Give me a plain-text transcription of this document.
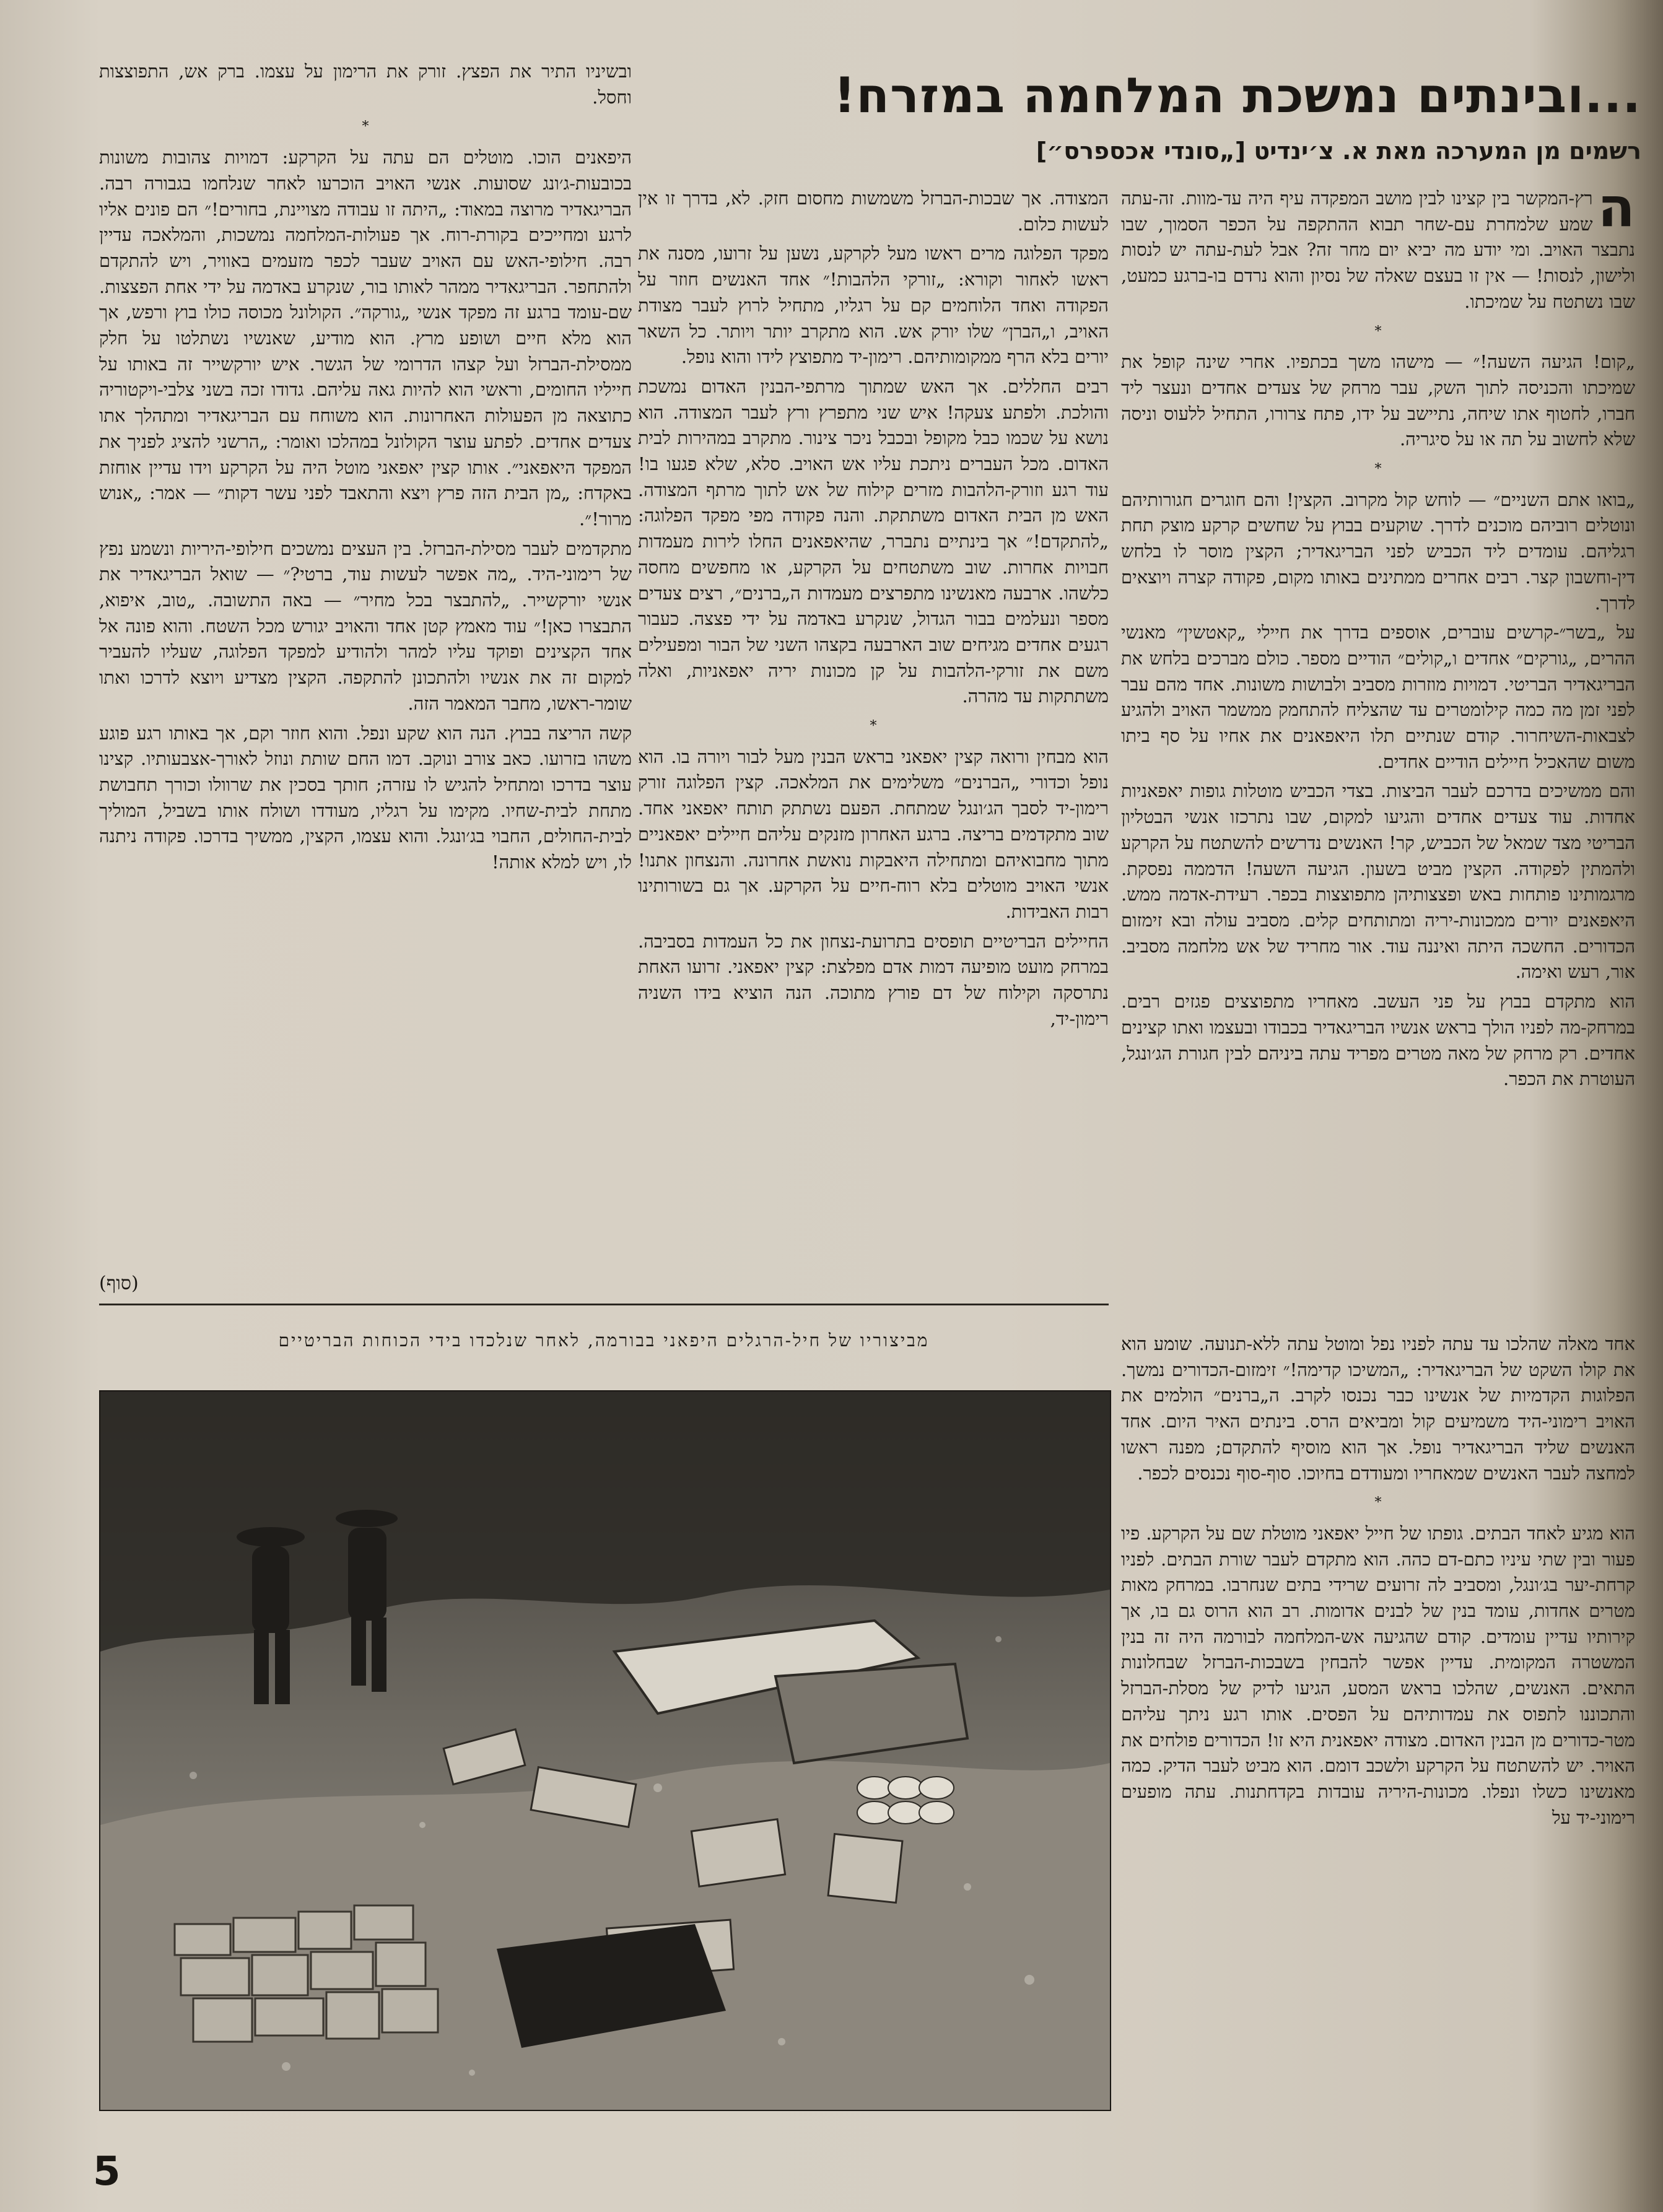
...ובינתים נמשכת המלחמה במזרח!
רשמים מן המערכה מאת א. צ׳ינדיט [„סונדי אכספרס״]
ה

רץ-המקשר בין קצינו לבין מושב המפקדה עיף היה עד-מוות. זה-עתה שמע שלמחרת עם-שחר תבוא ההתקפה על הכפר הסמוך, שבו נתבצר האויב. ומי יודע מה יביא יום מחר זה? אבל לעת-עתה יש לנסות ולישון, לנסות! — אין זו בעצם שאלה של נסיון והוא נרדם בו-ברגע כמעט, שבו נשתטח על שמיכתו.

*

„קום! הגיעה השעה!״ — מישהו משך בכתפיו. אחרי שינה קופל את שמיכתו והכניסה לתוך השק, עבר מרחק של צעדים אחדים ונעצר ליד חברו, לחטוף אתו שיחה, נתיישב על ידו, פתח צרורו, התחיל ללעוס וניסה שלא לחשוב על תה או על סיגריה.

*

„בואו אתם השניים״ — לוחש קול מקרוב. הקצין! והם חוגרים חגורותיהם ונוטלים רוביהם מוכנים לדרך. שוקעים בבוץ על שחשים קרקע מוצק תחת רגליהם. עומדים ליד הכביש לפני הבריגאדיר; הקצין מוסר לו בלחש דין-וחשבון קצר. רבים אחרים ממתינים באותו מקום, פקודה קצרה ויוצאים לדרך.

על „בשר״-קרשים עוברים, אוספים בדרך את חיילי „קאטשין״ מאנשי ההרים, „גורקים״ אחדים ו„קולים״ הודיים מספר. כולם מברכים בלחש את הבריגאדיר הבריטי. דמויות מוזרות מסביב ולבושות משונות. אחד מהם עבר לפני זמן מה כמה קילומטרים עד שהצליח להתחמק ממשמר האויב ולהגיע לצבאות-השיחרור. קודם שנתיים תלו היאפאנים את אחיו על סף ביתו משום שהאכיל חיילים הודיים אחדים.

והם ממשיכים בדרכם לעבר הביצות. בצדי הכביש מוטלות גופות יאפאניות אחדות. עוד צעדים אחדים והגיעו למקום, שבו נתרכזו אנשי הבטליון הבריטי מצד שמאל של הכביש, קר! האנשים נדרשים להשתטח על הקרקע ולהמתין לפקודה. הקצין מביט בשעון. הגיעה השעה! הדממה נפסקת. מרגמותינו פותחות באש ופצצותיהן מתפוצצות בכפר. רעידת-אדמה ממש. היאפאנים יורים ממכונות-יריה ומתותחים קלים. מסביב עולה ובא זימזום הכדורים. החשכה היתה ואיננה עוד. אור מחריד של אש מלחמה מסביב. אור, רעש ואימה.

הוא מתקדם בבוץ על פני העשב. מאחריו מתפוצצים פגזים רבים. במרחק-מה לפניו הולך בראש אנשיו הבריגאדיר בכבודו ובעצמו ואתו קצינים אחדים. רק מרחק של מאה מטרים מפריד עתה ביניהם לבין חגורת הג׳ונגל, העוטרת את הכפר.

אחד מאלה שהלכו עד עתה לפניו נפל ומוטל עתה ללא-תנועה. שומע הוא את קולו השקט של הבריגאדיר: „המשיכו קדימה!״ זימזום-הכדורים נמשך. הפלוגות הקדמיות של אנשינו כבר נכנסו לקרב. ה„ברנים״ הולמים את האויב רימוני-היד משמיעים קול ומביאים הרס. בינתים האיר היום. אחד האנשים שליד הבריגאדיר נופל. אך הוא מוסיף להתקדם; מפנה ראשו למחצה לעבר האנשים שמאחריו ומעודדם בחיוכו. סוף-סוף נכנסים לכפר.

*

הוא מגיע לאחד הבתים. גופתו של חייל יאפאני מוטלת שם על הקרקע. פיו פעור ובין שתי עיניו כתם-דם כהה. הוא מתקדם לעבר שורת הבתים. לפניו קרחת-יער בג׳ונגל, ומסביב לה זרועים שרידי בתים שנחרבו. במרחק מאות מטרים אחדות, עומד בנין של לבנים אדומות. רב הוא הרוס גם בו, אך קירותיו עדיין עומדים. קודם שהגיעה אש-המלחמה לבורמה היה זה בנין המשטרה המקומית. עדיין אפשר להבחין בשבכות-הברזל שבחלונות התאים. האנשים, שהלכו בראש המסע, הגיעו לדיק של מסלת-הברזל והתכוננו לתפוס את עמדותיהם על הפסים. אותו רגע ניתך עליהם מטר-כדורים מן הבנין האדום. מצודה יאפאנית היא זו! הכדורים פולחים את האויר. יש להשתטח על הקרקע ולשכב דומם. הוא מביט לעבר הדיק. כמה מאנשינו כשלו ונפלו. מכונות-היריה עובדות בקדחתנות. עתה מופעים רימוני-יד על

המצודה. אך שבכות-הברזל משמשות מחסום חזק. לא, בדרך זו אין לעשות כלום.

מפקד הפלוגה מרים ראשו מעל לקרקע, נשען על זרועו, מסנה את ראשו לאחור וקורא: „זורקי הלהבות!״ אחד האנשים חוזר על הפקודה ואחד הלוחמים קם על רגליו, מתחיל לרוץ לעבר מצודת האויב, ו„הברן״ שלו יורק אש. הוא מתקרב יותר ויותר. כל השאר יורים בלא הרף ממקומותיהם. רימון-יד מתפוצץ לידו והוא נופל.

רבים החללים. אך האש שמתוך מרתפי-הבנין האדום נמשכת והולכת. ולפתע צעקה! איש שני מתפרץ ורץ לעבר המצודה. הוא נושא על שכמו כבל מקופל ובכבל ניכר צינור. מתקרב במהירות לבית האדום. מכל העברים ניתכת עליו אש האויב. סלא, שלא פגעו בו! עוד רגע וזורק-הלהבות מזרים קילוח של אש לתוך מרתף המצודה. האש מן הבית האדום משתתקת. והנה פקודה מפי מפקד הפלוגה: „להתקדם!״ אך בינתיים נתברר, שהיאפאנים החלו לירות מעמדות חבויות אחרות. שוב משתטחים על הקרקע, או מחפשים מחסה כלשהו. ארבעה מאנשינו מתפרצים מעמדות ה„ברנים״, רצים צעדים מספר ונעלמים בבור הגדול, שנקרע באדמה על ידי פצצה. כעבור רגעים אחדים מגיחים שוב הארבעה בקצהו השני של הבור ומפעילים משם את זורקי-הלהבות על קן מכונות יריה יאפאניות, ואלה משתתקות עד מהרה.

*

הוא מבחין ורואה קצין יאפאני בראש הבנין מעל לבור ויורה בו. הוא נופל וכדורי „הברנים״ משלימים את המלאכה. קצין הפלוגה זורק רימון-יד לסבך הג׳ונגל שמתחת. הפעם נשתתק תותח יאפאני אחד. שוב מתקדמים בריצה. ברגע האחרון מזנקים עליהם חיילים יאפאניים מתוך מחבואיהם ומתחילה היאבקות נואשת אחרונה. והנצחון אתנו! אנשי האויב מוטלים בלא רוח-חיים על הקרקע. אך גם בשורותינו רבות האבידות.

החיילים הבריטיים תופסים בתרועת-נצחון את כל העמדות בסביבה. במרחק מועט מופיעה דמות אדם מפלצת: קצין יאפאני. זרועו האחת נתרסקה וקילוח של דם פורץ מתוכה. הנה הוציא בידו השניה רימון-יד,

ובשיניו התיר את הפצץ. זורק את הרימון על עצמו. ברק אש, התפוצצות וחסל.

*

היפאנים הוכו. מוטלים הם עתה על הקרקע: דמויות צהובות משונות בכובעות-ג׳ונג שסועות. אנשי האויב הוכרעו לאחר שנלחמו בגבורה רבה. הבריגאדיר מרוצה במאוד: „היתה זו עבודה מצויינת, בחורים!״ הם פונים אליו לרגע ומחייכים בקורת-רוח. אך פעולות-המלחמה נמשכות, והמלאכה עדיין רבה. חילופי-האש עם האויב שעבר לכפר מזעמים באוויר, ויש להתקדם ולהתחפר. הבריגאדיר ממהר לאותו בור, שנקרע באדמה על ידי אחת הפצצות. שם-עומד ברגע זה מפקד אנשי „גורקה״. הקולונל מכוסה כולו בוץ ורפש, אך הוא מלא חיים ושופע מרץ. הוא מודיע, שאנשיו נשתלטו על חלק ממסילת-הברזל ועל קצהו הדרומי של הגשר. איש יורקשייר זה באותו על חייליו החומים, וראשי הוא להיות גאה עליהם. גדודו זכה בשני צלבי-ויקטוריה כתוצאה מן הפעולות האחרונות. הוא משוחח עם הבריגאדיר ומתהלך אתו צעדים אחדים. לפתע עוצר הקולונל במהלכו ואומר: „הרשני להציג לפניך את המפקד היאפאני״. אותו קצין יאפאני מוטל היה על הקרקע וידו עדיין אוחזת באקדח: „מן הבית הזה פרץ ויצא והתאבד לפני עשר דקות״ — אמר: „אנוש מרור!״.

מתקדמים לעבר מסילת-הברזל. בין העצים נמשכים חילופי-היריות ונשמע נפץ של רימוני-היד. „מה אפשר לעשות עוד, ברטי?״ — שואל הבריגאדיר את אנשי יורקשייר. „להתבצר בכל מחיר״ — באה התשובה. „טוב, איפוא, התבצרו כאן!״ עוד מאמץ קטן אחד והאויב יגורש מכל השטח. והוא פונה אל אחד הקצינים ופוקד עליו למהר ולהודיע למפקד הפלוגה, שעליו להעביר למקום זה את אנשיו ולהתכונן להתקפה. הקצין מצדיע ויוצא לדרכו ואתו שומר-ראשו, מחבר המאמר הזה.

קשה הריצה בבוץ. הנה הוא שקע ונפל. והוא חוזר וקם, אך באותו רגע פוגע משהו בזרועו. כאב צורב ונוקב. דמו החם שותת ונוזל לאורך-אצבעותיו. קצינו עוצר בדרכו ומתחיל להגיש לו עזרה; חותך בסכין את שרוולו וכורך תחבושת מתחת לבית-שחיו. מקימו על רגליו, מעודדו ושולח אותו בשביל, המוליך לבית-החולים, החבוי בג׳ונגל. והוא עצמו, הקצין, ממשיך בדרכו. פקודה ניתנה לו, ויש למלא אותה!

(סוף)
מביצוריו של חיל-הרגלים היפאני בבורמה, לאחר שנלכדו בידי הכוחות הבריטיים
5
